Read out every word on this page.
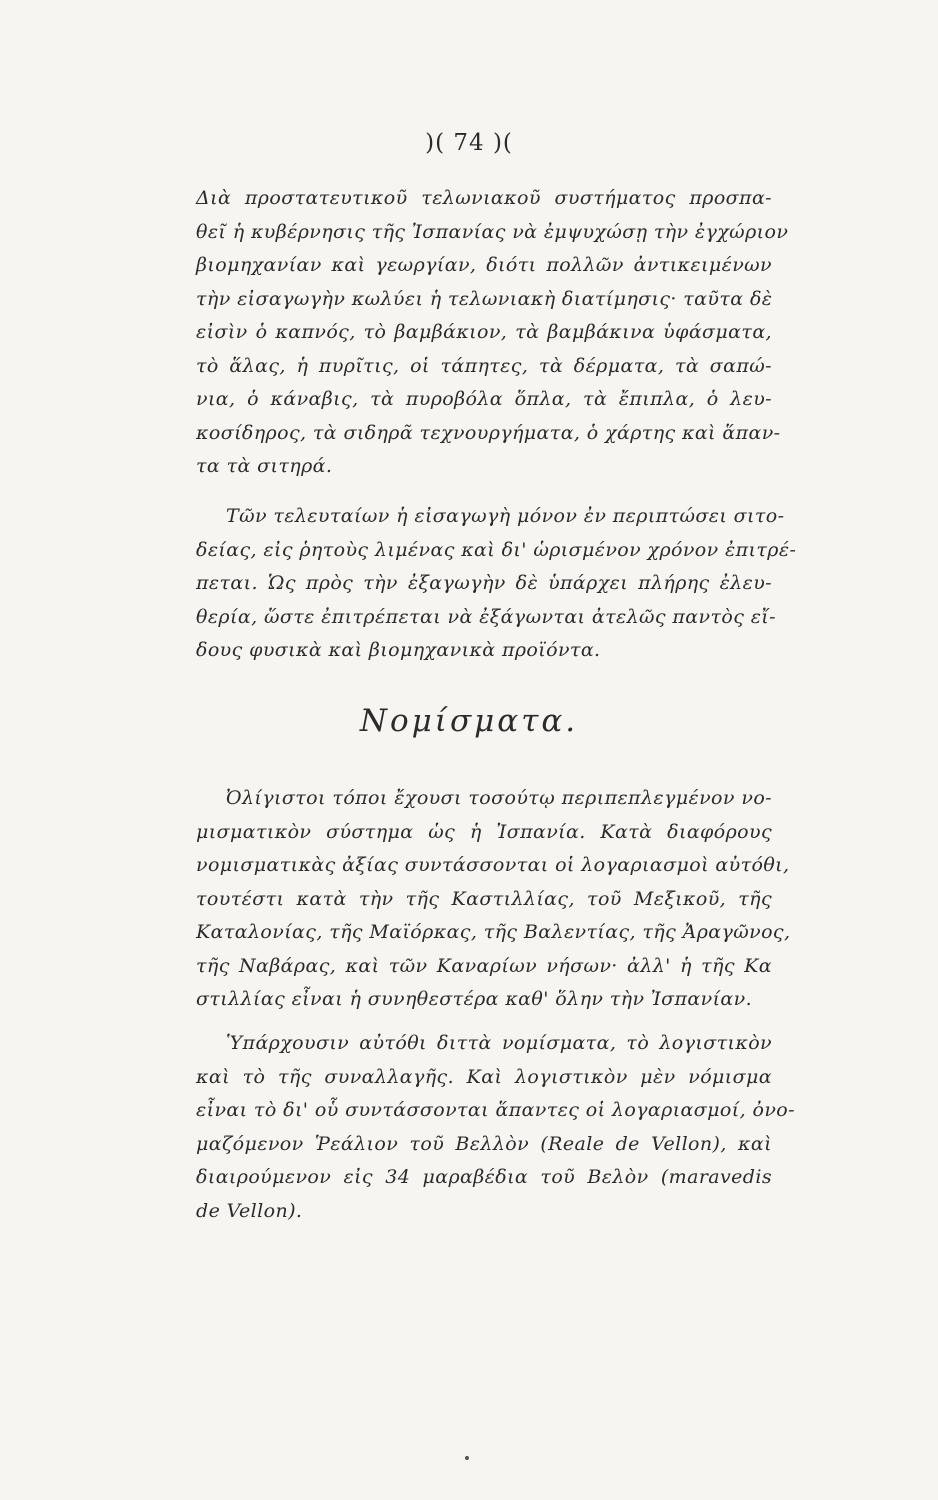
)( 74 )(
Διὰ προστατευτικοῦ τελωνιακοῦ συστήματος προσπα-
θεῖ ἡ κυβέρνησις τῆς Ἰσπανίας νὰ ἐμψυχώσῃ τὴν ἐγχώριον
βιομηχανίαν καὶ γεωργίαν, διότι πολλῶν ἀντικειμένων
τὴν εἰσαγωγὴν κωλύει ἡ τελωνιακὴ διατίμησις· ταῦτα δὲ
εἰσὶν ὁ καπνός, τὸ βαμβάκιον, τὰ βαμβάκινα ὑφάσματα,
τὸ ἅλας, ἡ πυρῖτις, οἱ τάπητες, τὰ δέρματα, τὰ σαπώ-
νια, ὁ κάναβις, τὰ πυροβόλα ὅπλα, τὰ ἔπιπλα, ὁ λευ-
κοσίδηρος, τὰ σιδηρᾶ τεχνουργήματα, ὁ χάρτης καὶ ἅπαν-
τα τὰ σιτηρά.
Τῶν τελευταίων ἡ εἰσαγωγὴ μόνον ἐν περιπτώσει σιτο-
δείας, εἰς ῥητοὺς λιμένας καὶ δι' ὡρισμένον χρόνον ἐπιτρέ-
πεται. Ὡς πρὸς τὴν ἐξαγωγὴν δὲ ὑπάρχει πλήρης ἐλευ-
θερία, ὥστε ἐπιτρέπεται νὰ ἐξάγωνται ἀτελῶς παντὸς εἴ-
δους φυσικὰ καὶ βιομηχανικὰ προϊόντα.
Νομίσματα.
Ὀλίγιστοι τόποι ἔχουσι τοσούτῳ περιπεπλεγμένον νο-
μισματικὸν σύστημα ὡς ἡ Ἰσπανία. Κατὰ διαφόρους
νομισματικὰς ἀξίας συντάσσονται οἱ λογαριασμοὶ αὐτόθι,
τουτέστι κατὰ τὴν τῆς Καστιλλίας, τοῦ Μεξικοῦ, τῆς
Καταλονίας, τῆς Μαϊόρκας, τῆς Βαλεντίας, τῆς Ἀραγῶνος,
τῆς Ναβάρας, καὶ τῶν Καναρίων νήσων· ἀλλ' ἡ τῆς Κα
στιλλίας εἶναι ἡ συνηθεστέρα καθ' ὅλην τὴν Ἰσπανίαν.
Ὑπάρχουσιν αὐτόθι διττὰ νομίσματα, τὸ λογιστικὸν
καὶ τὸ τῆς συναλλαγῆς. Καὶ λογιστικὸν μὲν νόμισμα
εἶναι τὸ δι' οὗ συντάσσονται ἅπαντες οἱ λογαριασμοί, ὀνο-
μαζόμενον Ῥεάλιον τοῦ Βελλὸν (Reale de Vellon), καὶ
διαιρούμενον εἰς 34 μαραβέδια τοῦ Βελὸν (maravedis
de Vellon).
